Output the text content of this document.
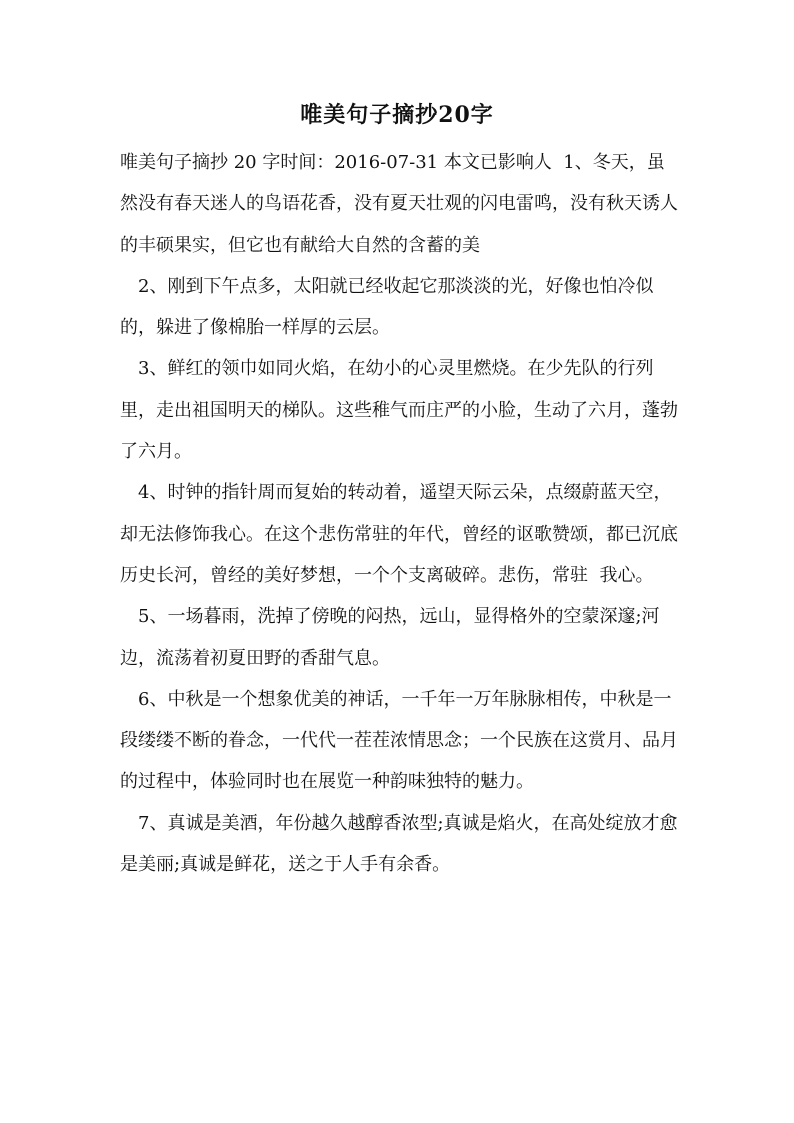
唯美句子摘抄20字

唯美句子摘抄 20 字时间：2016-07-31 本文已影响人  1、冬天，虽然没有春天迷人的鸟语花香，没有夏天壮观的闪电雷鸣，没有秋天诱人的丰硕果实，但它也有献给大自然的含蓄的美

2、刚到下午点多，太阳就已经收起它那淡淡的光，好像也怕冷似的，躲进了像棉胎一样厚的云层。

3、鲜红的领巾如同火焰，在幼小的心灵里燃烧。在少先队的行列里，走出祖国明天的梯队。这些稚气而庄严的小脸，生动了六月，蓬勃了六月。

4、时钟的指针周而复始的转动着，遥望天际云朵，点缀蔚蓝天空，却无法修饰我心。在这个悲伤常驻的年代，曾经的讴歌赞颂，都已沉底历史长河，曾经的美好梦想，一个个支离破碎。悲伤，常驻  我心。

5、一场暮雨，洗掉了傍晚的闷热，远山，显得格外的空蒙深邃;河边，流荡着初夏田野的香甜气息。

6、中秋是一个想象优美的神话，一千年一万年脉脉相传，中秋是一段缕缕不断的眷念，一代代一茬茬浓情思念；一个民族在这赏月、品月的过程中，体验同时也在展览一种韵味独特的魅力。

7、真诚是美酒，年份越久越醇香浓型;真诚是焰火，在高处绽放才愈是美丽;真诚是鲜花，送之于人手有余香。
